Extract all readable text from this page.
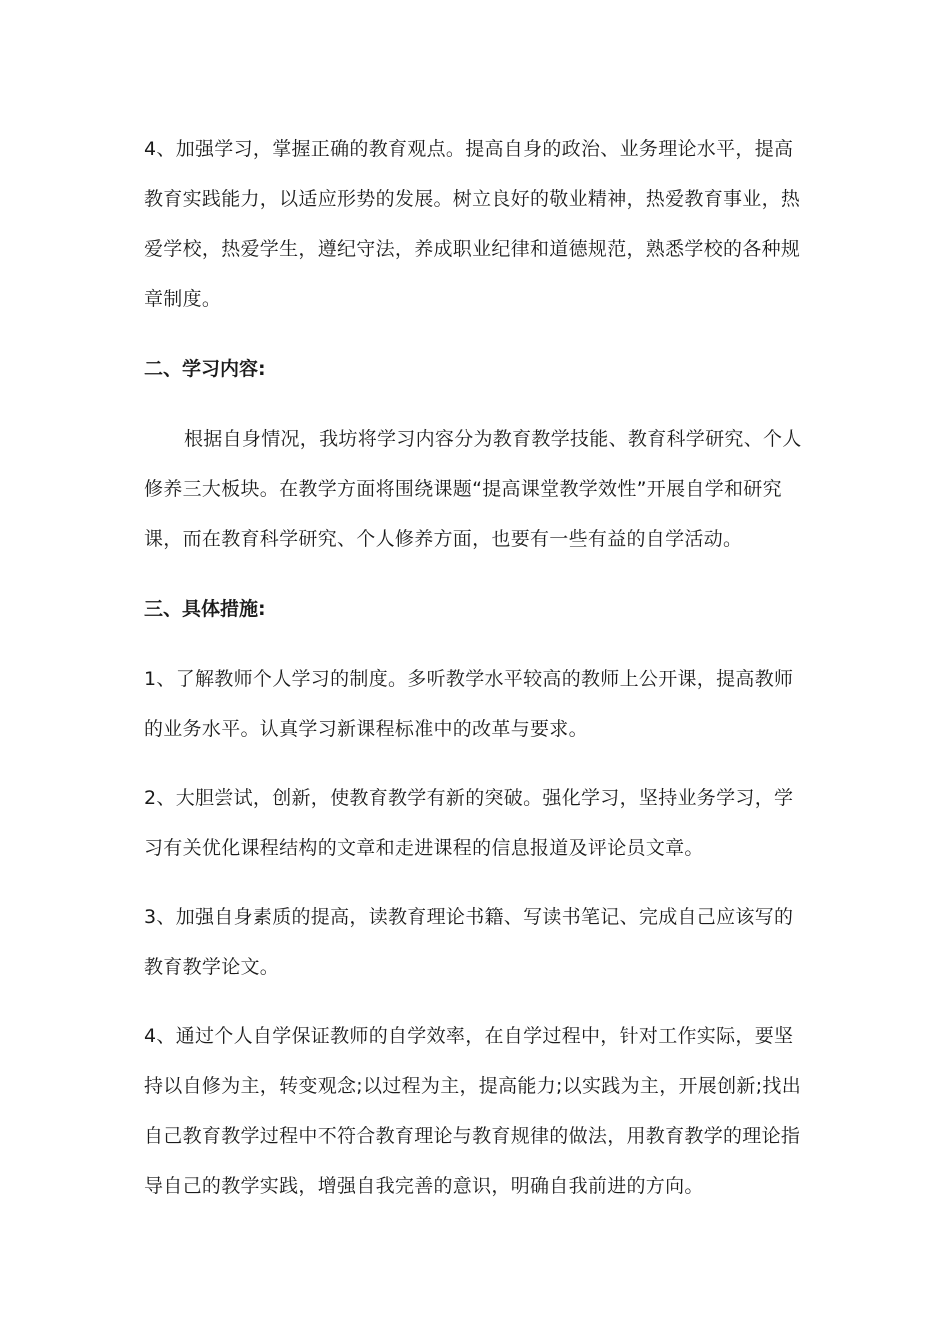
4、加强学习，掌握正确的教育观点。提高自身的政治、业务理论水平，提高教育实践能力，以适应形势的发展。树立良好的敬业精神，热爱教育事业，热爱学校，热爱学生，遵纪守法，养成职业纪律和道德规范，熟悉学校的各种规章制度。

二、学习内容:

根据自身情况，我坊将学习内容分为教育教学技能、教育科学研究、个人修养三大板块。在教学方面将围绕课题“提高课堂教学效性”开展自学和研究课，而在教育科学研究、个人修养方面，也要有一些有益的自学活动。

三、具体措施:

1、了解教师个人学习的制度。多听教学水平较高的教师上公开课，提高教师的业务水平。认真学习新课程标准中的改革与要求。

2、大胆尝试，创新，使教育教学有新的突破。强化学习，坚持业务学习，学习有关优化课程结构的文章和走进课程的信息报道及评论员文章。

3、加强自身素质的提高，读教育理论书籍、写读书笔记、完成自己应该写的教育教学论文。

4、通过个人自学保证教师的自学效率，在自学过程中，针对工作实际，要坚持以自修为主，转变观念;以过程为主，提高能力;以实践为主，开展创新;找出自己教育教学过程中不符合教育理论与教育规律的做法，用教育教学的理论指导自己的教学实践，增强自我完善的意识，明确自我前进的方向。
